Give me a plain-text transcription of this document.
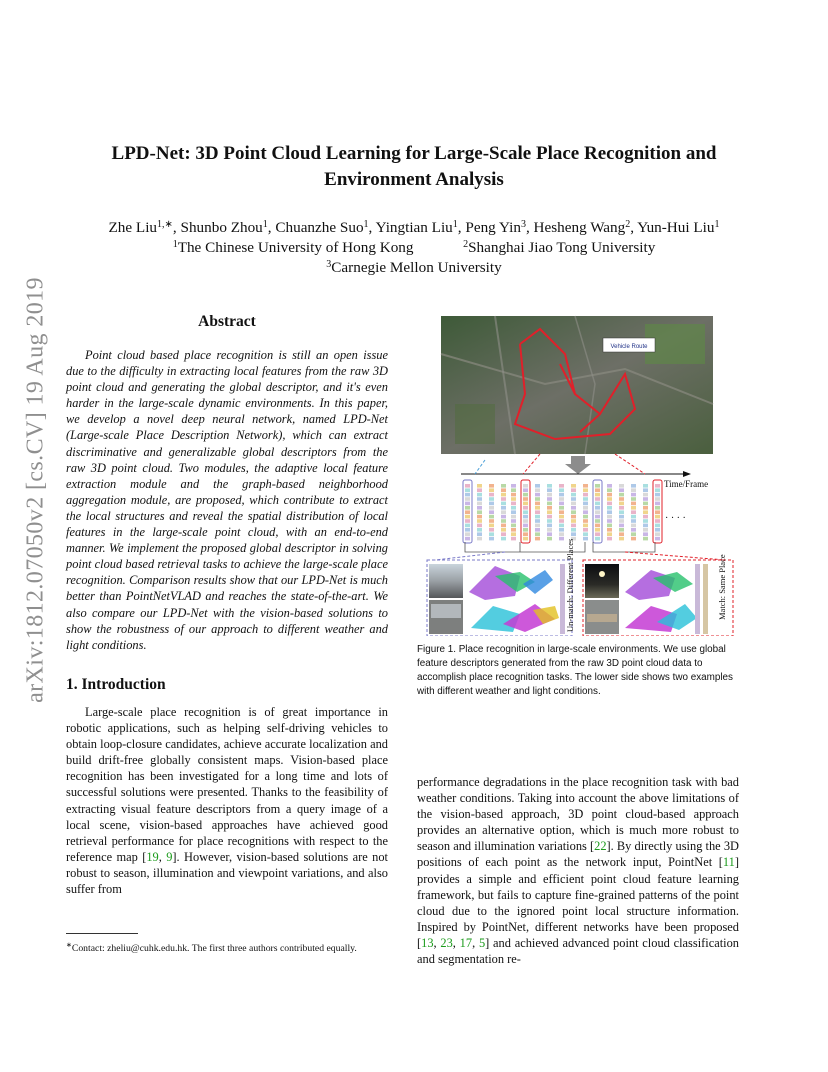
arXiv:1812.07050v2 [cs.CV] 19 Aug 2019
LPD-Net: 3D Point Cloud Learning for Large-Scale Place Recognition and
Environment Analysis
Zhe Liu$^{1,∗}$, Shunbo Zhou$^1$, Chuanzhe Suo$^1$, Yingtian Liu$^1$, Peng Yin$^3$, Hesheng Wang$^2$, Yun-Hui Liu$^1$
$^1$The Chinese University of Hong Kong	$^2$Shanghai Jiao Tong University
$^3$Carnegie Mellon University
Abstract

Point cloud based place recognition is still an open issue due to the difficulty in extracting local features from the raw 3D point cloud and generating the global descriptor, and it's even harder in the large-scale dynamic environments. In this paper, we develop a novel deep neural network, named LPD-Net (Large-scale Place Description Network), which can extract discriminative and generalizable global descriptors from the raw 3D point cloud. Two modules, the adaptive local feature extraction module and the graph-based neighborhood aggregation module, are proposed, which contribute to extract the local structures and reveal the spatial distribution of local features in the large-scale point cloud, with an end-to-end manner. We implement the proposed global descriptor in solving point cloud based retrieval tasks to achieve the large-scale place recognition. Comparison results show that our LPD-Net is much better than PointNetVLAD and reaches the state-of-the-art. We also compare our LPD-Net with the vision-based solutions to show the robustness of our approach to different weather and light conditions.

1. Introduction

Large-scale place recognition is of great importance in robotic applications, such as helping self-driving vehicles to obtain loop-closure candidates, achieve accurate localization and build drift-free globally consistent maps. Vision-based place recognition has been investigated for a long time and lots of successful solutions were presented. Thanks to the feasibility of extracting visual feature descriptors from a query image of a local scene, vision-based approaches have achieved good retrieval performance for place recognitions with respect to the reference map [19, 9]. However, vision-based solutions are not robust to season, illumination and viewpoint variations, and also suffer from

∗Contact: zheliu@cuhk.edu.hk. The first three authors contributed equally.

performance degradations in the place recognition task with bad weather conditions. Taking into account the above limitations of the vision-based approach, 3D point cloud-based approach provides an alternative option, which is much more robust to season and illumination variations [22]. By directly using the 3D positions of each point as the network input, PointNet [11] provides a simple and efficient point cloud feature learning framework, but fails to capture fine-grained patterns of the point cloud due to the ignored point local structure information. Inspired by PointNet, different networks have been proposed [13, 23, 17, 5] and achieved advanced point cloud classification and segmentation re-

Vehicle Route
Time/Frame
· · · ·
Un-match: Different Places	Match: Same Place
Figure 1. Place recognition in large-scale environments. We use global feature descriptors generated from the raw 3D point cloud data to accomplish place recognition tasks. The lower side shows two examples with different weather and light conditions.
